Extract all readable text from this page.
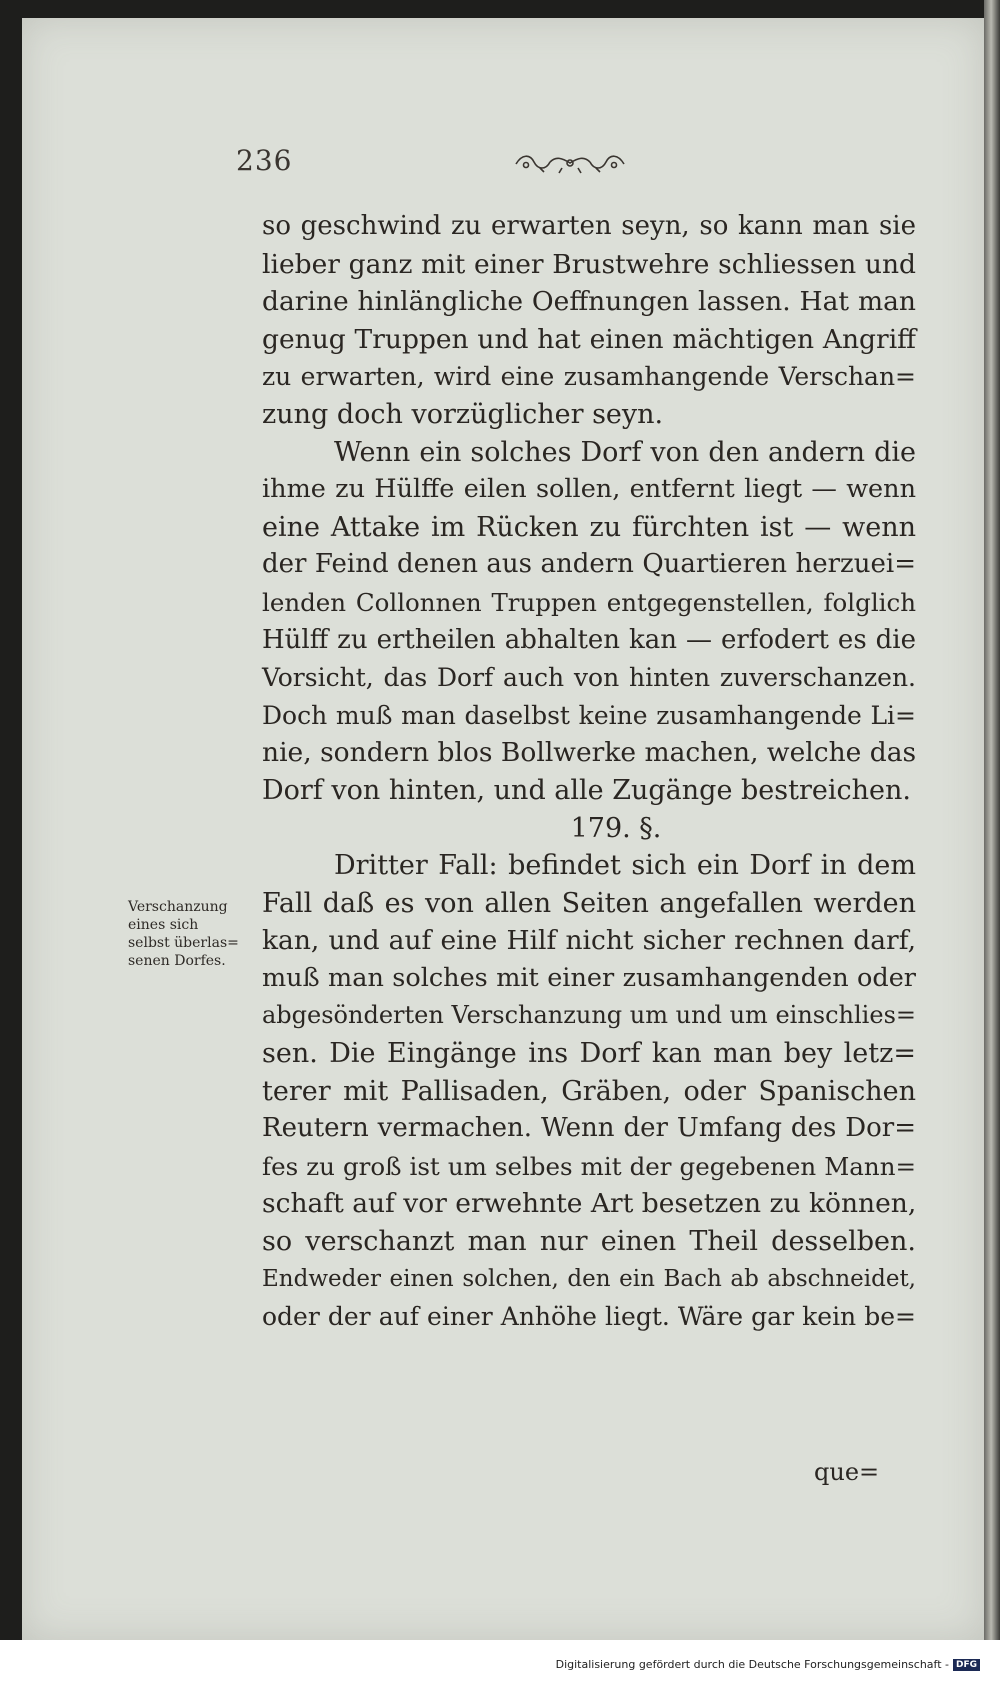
236
Verschanzung
eines sich
selbst überlas=
senen Dorfes.
so geschwind zu erwarten seyn, so kann man sie
lieber ganz mit einer Brustwehre schliessen und
darine hinlängliche Oeffnungen lassen. Hat man
genug Truppen und hat einen mächtigen Angriff
zu erwarten, wird eine zusamhangende Verschan=
zung doch vorzüglicher seyn.
Wenn ein solches Dorf von den andern die
ihme zu Hülffe eilen sollen, entfernt liegt — wenn
eine Attake im Rücken zu fürchten ist — wenn
der Feind denen aus andern Quartieren herzuei=
lenden Collonnen Truppen entgegenstellen, folglich
Hülff zu ertheilen abhalten kan — erfodert es die
Vorsicht, das Dorf auch von hinten zuverschanzen.
Doch muß man daselbst keine zusamhangende Li=
nie, sondern blos Bollwerke machen, welche das
Dorf von hinten, und alle Zugänge bestreichen.
179. §.
Dritter Fall: befindet sich ein Dorf in dem
Fall daß es von allen Seiten angefallen werden
kan, und auf eine Hilf nicht sicher rechnen darf,
muß man solches mit einer zusamhangenden oder
abgesönderten Verschanzung um und um einschlies=
sen. Die Eingänge ins Dorf kan man bey letz=
terer mit Pallisaden, Gräben, oder Spanischen
Reutern vermachen. Wenn der Umfang des Dor=
fes zu groß ist um selbes mit der gegebenen Mann=
schaft auf vor erwehnte Art besetzen zu können,
so verschanzt man nur einen Theil desselben.
Endweder einen solchen, den ein Bach ab abschneidet,
oder der auf einer Anhöhe liegt. Wäre gar kein be=
que=
Digitalisierung gefördert durch die Deutsche Forschungsgemeinschaft - DFG
